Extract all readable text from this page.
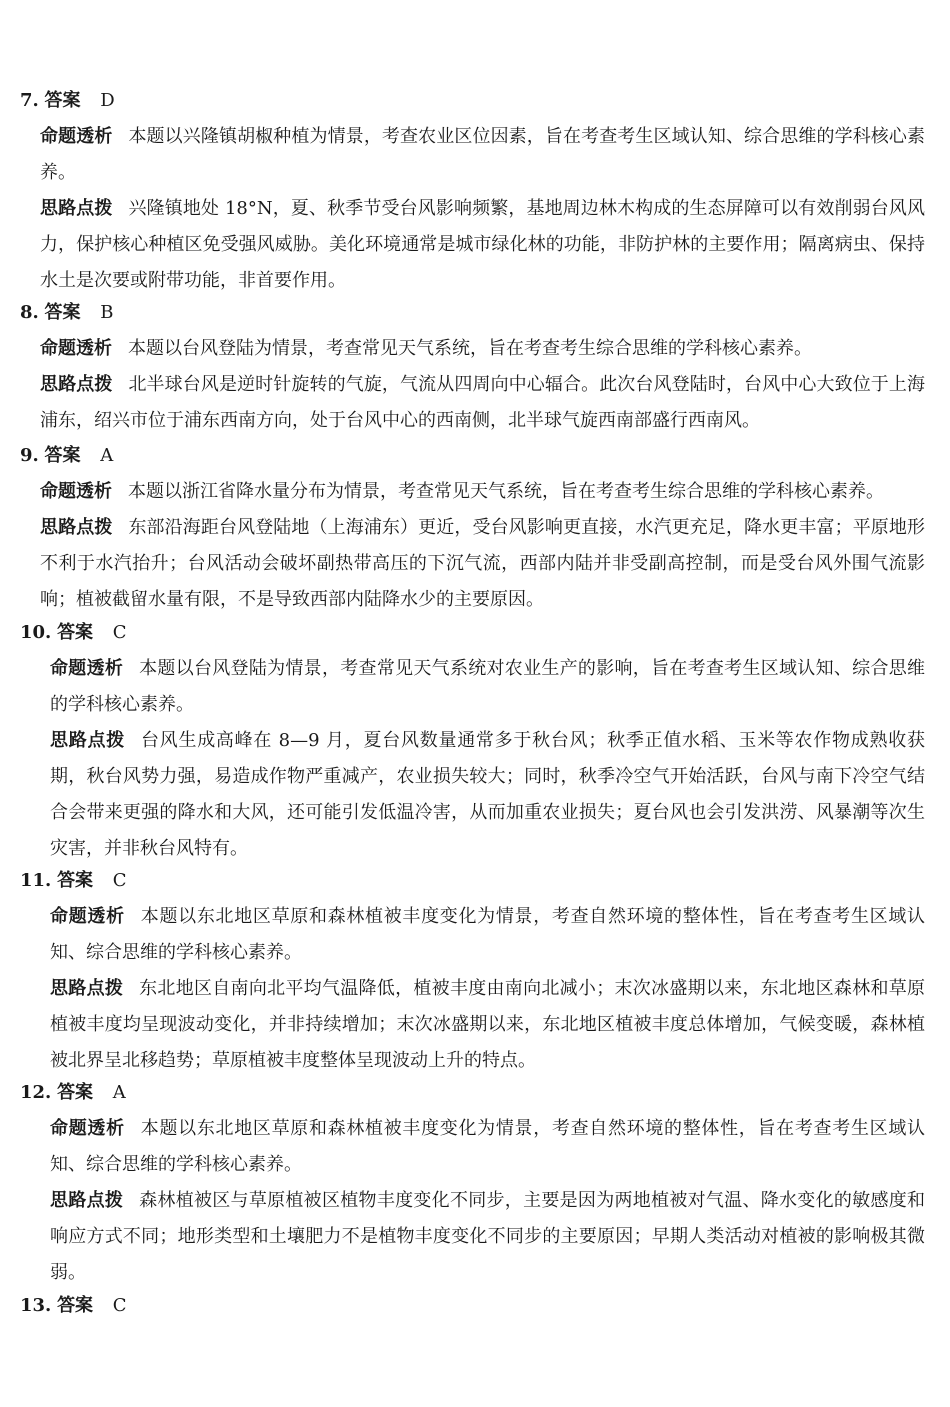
7. 答案 D
命题透析 本题以兴隆镇胡椒种植为情景，考查农业区位因素，旨在考查考生区域认知、综合思维的学科核心素养。
思路点拨 兴隆镇地处 18°N，夏、秋季节受台风影响频繁，基地周边林木构成的生态屏障可以有效削弱台风风力，保护核心种植区免受强风威胁。美化环境通常是城市绿化林的功能，非防护林的主要作用；隔离病虫、保持水土是次要或附带功能，非首要作用。
8. 答案 B
命题透析 本题以台风登陆为情景，考查常见天气系统，旨在考查考生综合思维的学科核心素养。
思路点拨 北半球台风是逆时针旋转的气旋，气流从四周向中心辐合。此次台风登陆时，台风中心大致位于上海浦东，绍兴市位于浦东西南方向，处于台风中心的西南侧，北半球气旋西南部盛行西南风。
9. 答案 A
命题透析 本题以浙江省降水量分布为情景，考查常见天气系统，旨在考查考生综合思维的学科核心素养。
思路点拨 东部沿海距台风登陆地（上海浦东）更近，受台风影响更直接，水汽更充足，降水更丰富；平原地形不利于水汽抬升；台风活动会破坏副热带高压的下沉气流，西部内陆并非受副高控制，而是受台风外围气流影响；植被截留水量有限，不是导致西部内陆降水少的主要原因。
10. 答案 C
命题透析 本题以台风登陆为情景，考查常见天气系统对农业生产的影响，旨在考查考生区域认知、综合思维的学科核心素养。
思路点拨 台风生成高峰在 8—9 月，夏台风数量通常多于秋台风；秋季正值水稻、玉米等农作物成熟收获期，秋台风势力强，易造成作物严重减产，农业损失较大；同时，秋季冷空气开始活跃，台风与南下冷空气结合会带来更强的降水和大风，还可能引发低温冷害，从而加重农业损失；夏台风也会引发洪涝、风暴潮等次生灾害，并非秋台风特有。
11. 答案 C
命题透析 本题以东北地区草原和森林植被丰度变化为情景，考查自然环境的整体性，旨在考查考生区域认知、综合思维的学科核心素养。
思路点拨 东北地区自南向北平均气温降低，植被丰度由南向北减小；末次冰盛期以来，东北地区森林和草原植被丰度均呈现波动变化，并非持续增加；末次冰盛期以来，东北地区植被丰度总体增加，气候变暖，森林植被北界呈北移趋势；草原植被丰度整体呈现波动上升的特点。
12. 答案 A
命题透析 本题以东北地区草原和森林植被丰度变化为情景，考查自然环境的整体性，旨在考查考生区域认知、综合思维的学科核心素养。
思路点拨 森林植被区与草原植被区植物丰度变化不同步，主要是因为两地植被对气温、降水变化的敏感度和响应方式不同；地形类型和土壤肥力不是植物丰度变化不同步的主要原因；早期人类活动对植被的影响极其微弱。
13. 答案 C
